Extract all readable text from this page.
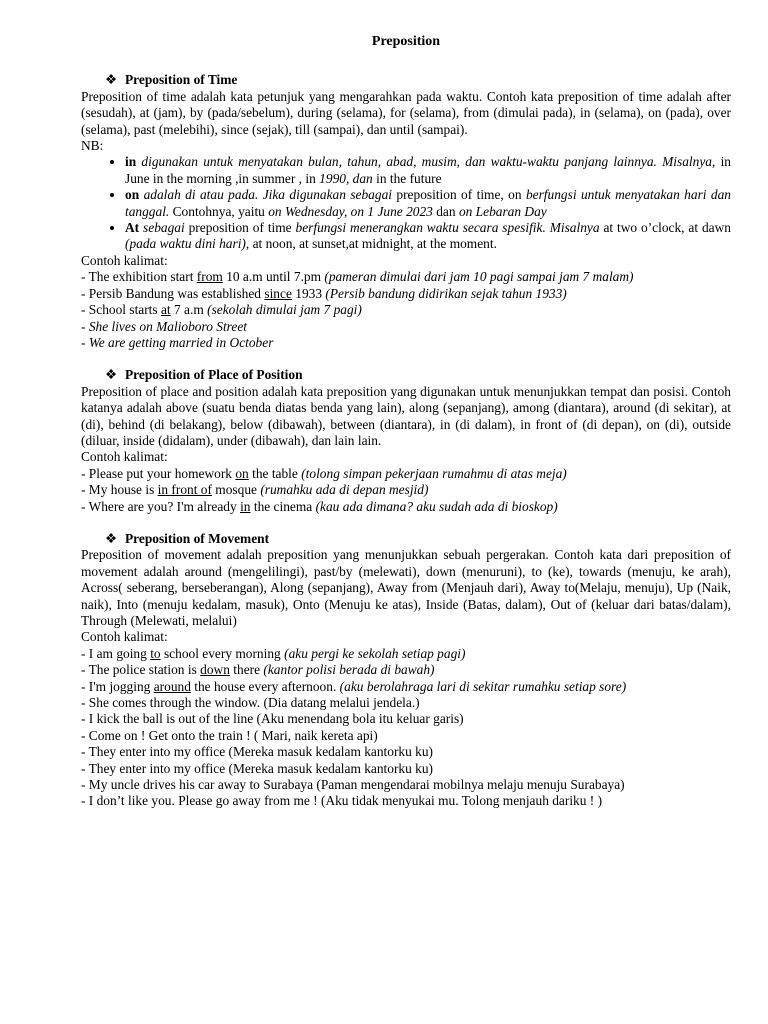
Preposition

❖ Preposition of Time

Preposition of time adalah kata petunjuk yang mengarahkan pada waktu. Contoh kata preposition of time adalah after (sesudah), at (jam), by (pada/sebelum), during (selama), for (selama), from (dimulai pada), in (selama), on (pada), over (selama), past (melebihi), since (sejak), till (sampai), dan until (sampai).

NB:

• in digunakan untuk menyatakan bulan, tahun, abad, musim, dan waktu-waktu panjang lainnya. Misalnya, in June in the morning ,in summer , in 1990, dan in the future
• on adalah di atau pada. Jika digunakan sebagai preposition of time, on berfungsi untuk menyatakan hari dan tanggal. Contohnya, yaitu on Wednesday, on 1 June 2023 dan on Lebaran Day
• At sebagai preposition of time berfungsi menerangkan waktu secara spesifik. Misalnya at two o’clock, at dawn (pada waktu dini hari), at noon, at sunset,at midnight, at the moment.

Contoh kalimat:

- The exhibition start from 10 a.m until 7.pm (pameran dimulai dari jam 10 pagi sampai jam 7 malam)

- Persib Bandung was established since 1933 (Persib bandung didirikan sejak tahun 1933)

- School starts at 7 a.m (sekolah dimulai jam 7 pagi)

- She lives on Malioboro Street

- We are getting married in October

❖ Preposition of Place of Position

Preposition of place and position adalah kata preposition yang digunakan untuk menunjukkan tempat dan posisi. Contoh katanya adalah above (suatu benda diatas benda yang lain), along (sepanjang), among (diantara), around (di sekitar), at (di), behind (di belakang), below (dibawah), between (diantara), in (di dalam), in front of (di depan), on (di), outside (diluar, inside (didalam), under (dibawah), dan lain lain.

Contoh kalimat:

- Please put your homework on the table (tolong simpan pekerjaan rumahmu di atas meja)

- My house is in front of mosque (rumahku ada di depan mesjid)

- Where are you? I'm already in the cinema (kau ada dimana? aku sudah ada di bioskop)

❖ Preposition of Movement

Preposition of movement adalah preposition yang menunjukkan sebuah pergerakan. Contoh kata dari preposition of movement adalah around (mengelilingi), past/by (melewati), down (menuruni), to (ke), towards (menuju, ke arah), Across( seberang, berseberangan), Along (sepanjang), Away from (Menjauh dari), Away to(Melaju, menuju), Up (Naik, naik), Into (menuju kedalam, masuk), Onto (Menuju ke atas), Inside (Batas, dalam), Out of (keluar dari batas/dalam), Through (Melewati, melalui)

Contoh kalimat:

- I am going to school every morning (aku pergi ke sekolah setiap pagi)

- The police station is down there (kantor polisi berada di bawah)

- I'm jogging around the house every afternoon. (aku berolahraga lari di sekitar rumahku setiap sore)

- She comes through the window. (Dia datang melalui jendela.)

- I kick the ball is out of the line (Aku menendang bola itu keluar garis)

- Come on ! Get onto the train ! ( Mari, naik kereta api)

- They enter into my office (Mereka masuk kedalam kantorku ku)

- They enter into my office (Mereka masuk kedalam kantorku ku)

- My uncle drives his car away to Surabaya (Paman mengendarai mobilnya melaju menuju Surabaya)

- I don’t like you. Please go away from me ! (Aku tidak menyukai mu. Tolong menjauh dariku ! )
